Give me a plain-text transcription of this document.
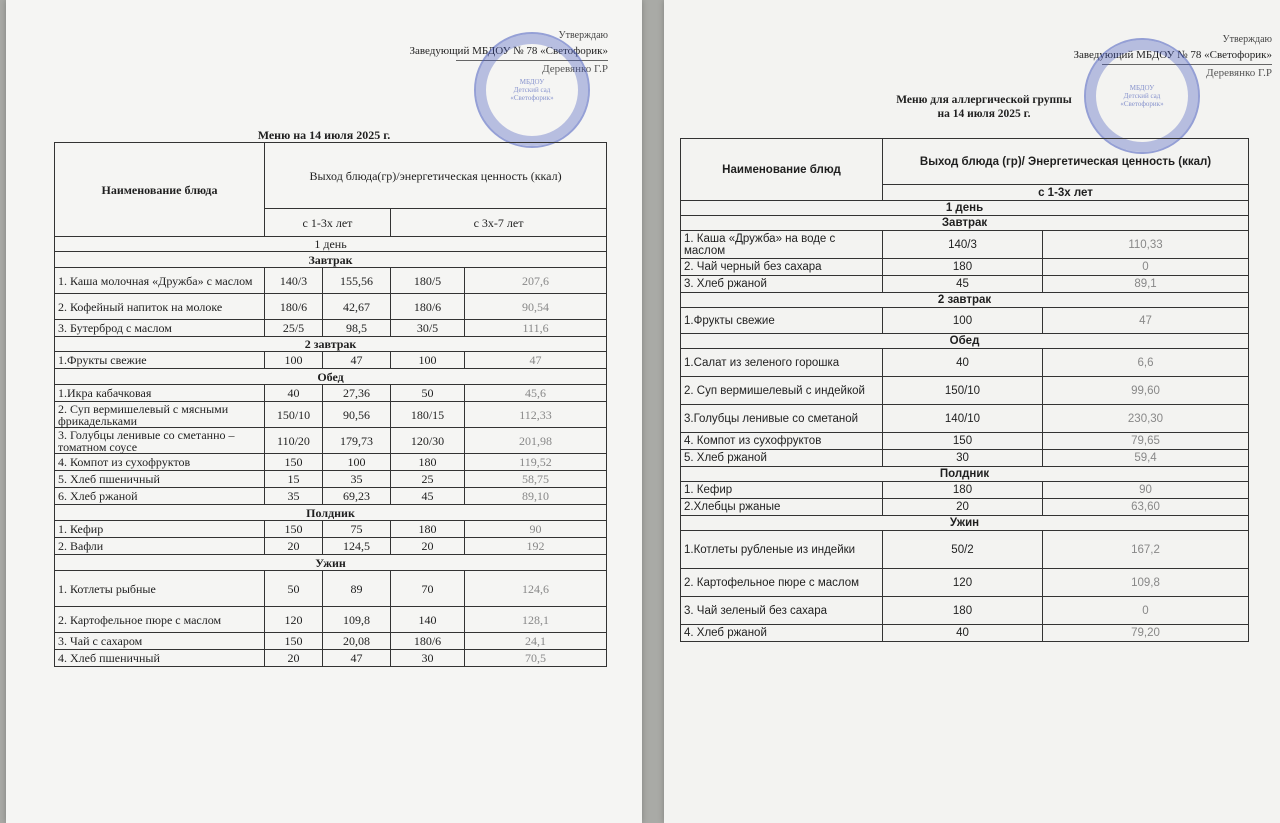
Утверждаю
Заведующий МБДОУ № 78 «Светофорик»
Деревянко Г.Р
МБДОУ
Детский сад
«Светофорик»
Меню на 14 июля 2025 г.
Наименование блюда	Выход блюда(гр)/энергетическая ценность (ккал)			
	с 1-3х лет		с 3х-7 лет	
1 день				
Завтрак				
1. Каша молочная «Дружба» с маслом	140/3	155,56	180/5	207,6
2. Кофейный напиток на молоке	180/6	42,67	180/6	90,54
3. Бутерброд с маслом	25/5	98,5	30/5	111,6
2 завтрак				
1.Фрукты свежие	100	47	100	47
Обед				
1.Икра кабачковая	40	27,36	50	45,6
2. Суп вермишелевый с мясными фрикадельками	150/10	90,56	180/15	112,33
3. Голубцы ленивые со сметанно –томатном соусе	110/20	179,73	120/30	201,98
4. Компот из сухофруктов	150	100	180	119,52
5. Хлеб пшеничный	15	35	25	58,75
6. Хлеб ржаной	35	69,23	45	89,10
Полдник				
1. Кефир	150	75	180	90
2. Вафли	20	124,5	20	192
Ужин				
1. Котлеты рыбные	50	89	70	124,6
2. Картофельное пюре с маслом	120	109,8	140	128,1
3. Чай с сахаром	150	20,08	180/6	24,1
4. Хлеб пшеничный	20	47	30	70,5
Утверждаю
Заведующий МБДОУ № 78 «Светофорик»
Деревянко Г.Р
МБДОУ
Детский сад
«Светофорик»
Меню для аллергической группы
на 14 июля 2025 г.
Наименование блюд	Выход блюда (гр)/ Энергетическая ценность (ккал)	
	с 1-3х лет	
1 день		
Завтрак		
1. Каша «Дружба» на воде с маслом	140/3	110,33
2. Чай черный без сахара	180	0
3. Хлеб ржаной	45	89,1
2 завтрак		
1.Фрукты свежие	100	47
Обед		
1.Салат из зеленого горошка	40	6,6
2. Суп вермишелевый с индейкой	150/10	99,60
3.Голубцы ленивые со сметаной	140/10	230,30
4. Компот из сухофруктов	150	79,65
5. Хлеб ржаной	30	59,4
Полдник		
1. Кефир	180	90
2.Хлебцы ржаные	20	63,60
Ужин		
1.Котлеты рубленые из индейки	50/2	167,2
2. Картофельное пюре с маслом	120	109,8
3. Чай зеленый без сахара	180	0
4. Хлеб ржаной	40	79,20
